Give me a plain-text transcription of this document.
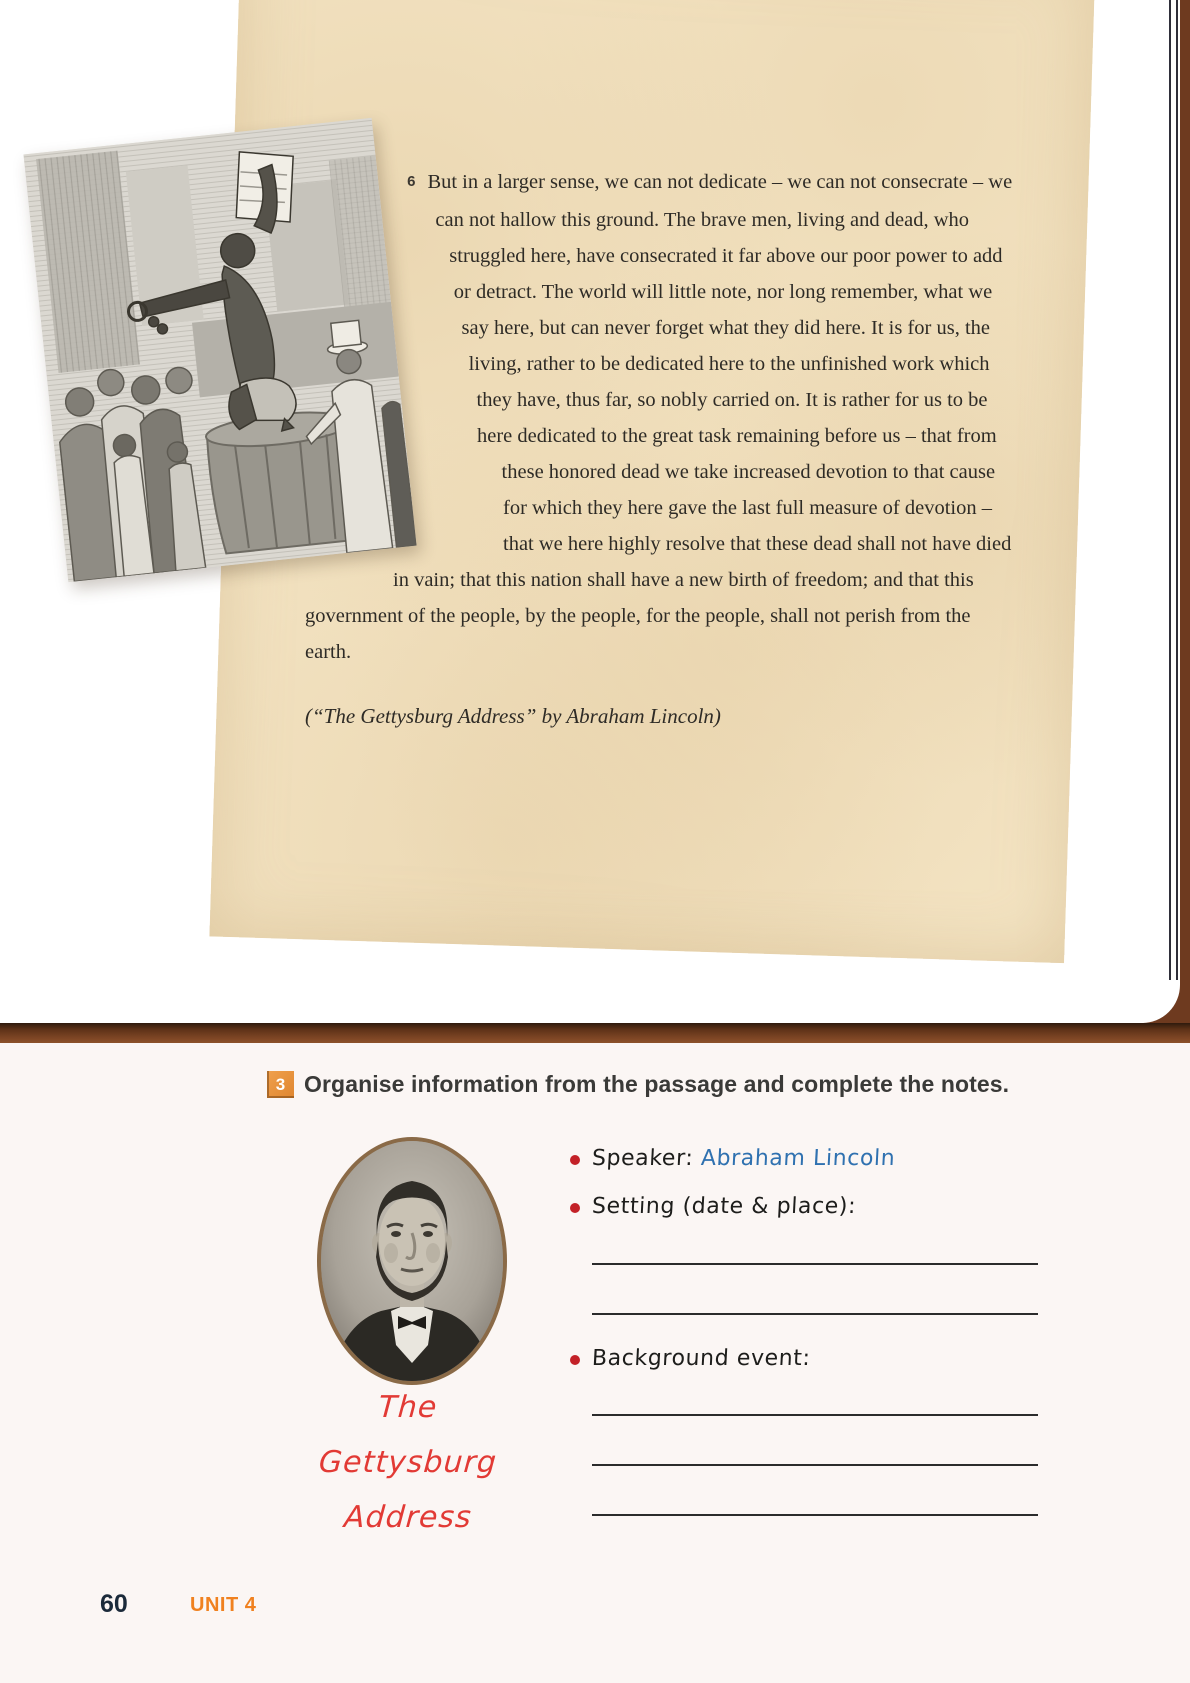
6 But in a larger sense, we can not dedicate – we can not consecrate – we can not hallow this ground. The brave men, living and dead, who struggled here, have consecrated it far above our poor power to add or detract. The world will little note, nor long remember, what we say here, but can never forget what they did here. It is for us, the living, rather to be dedicated here to the unfinished work which they have, thus far, so nobly carried on. It is rather for us to be here dedicated to the great task remaining before us – that from these honored dead we take increased devotion to that cause for which they here gave the last full measure of devotion – that we here highly resolve that these dead shall not have died in vain; that this nation shall have a new birth of freedom; and that this government of the people, by the people, for the people, shall not perish from the earth.
(“The Gettysburg Address” by Abraham Lincoln)
3 Organise information from the passage and complete the notes.
The
Gettysburg
Address
Speaker: Abraham Lincoln
Setting (date & place):
Background event:
60	UNIT 4
